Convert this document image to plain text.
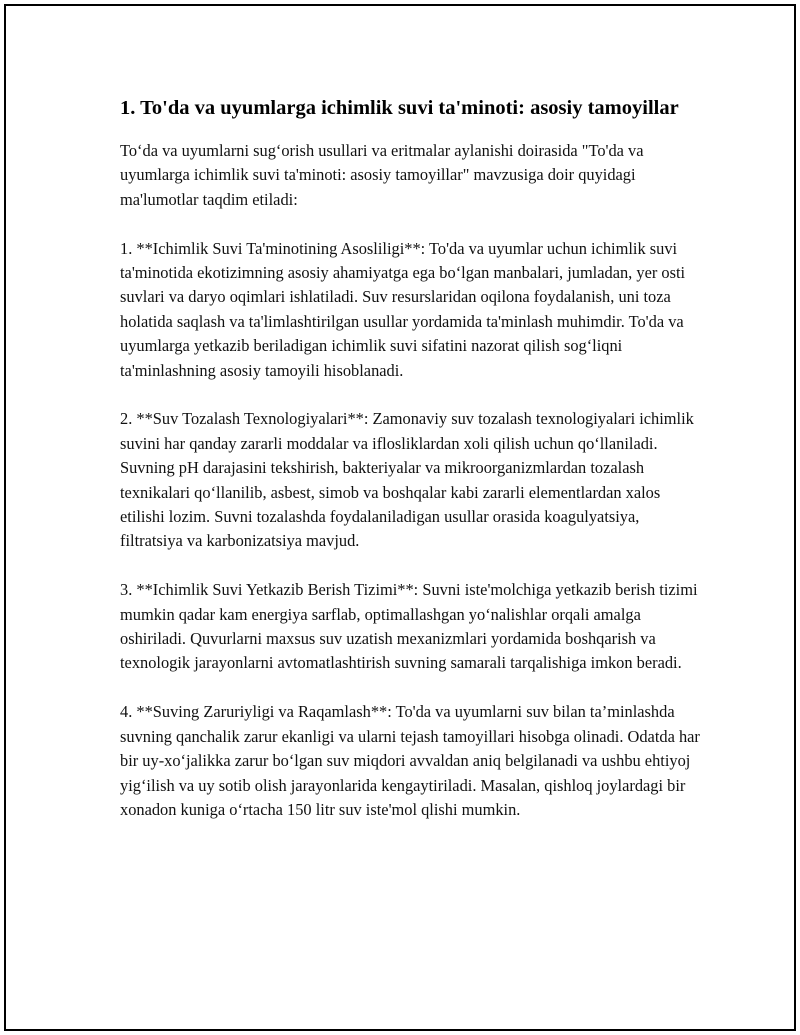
1. To'da va uyumlarga ichimlik suvi ta'minoti: asosiy tamoyillar

To‘da va uyumlarni sug‘orish usullari va eritmalar aylanishi doirasida "To'da va uyumlarga ichimlik suvi ta'minoti: asosiy tamoyillar" mavzusiga doir quyidagi ma'lumotlar taqdim etiladi:

1. **Ichimlik Suvi Ta'minotining Asosliligi**: To'da va uyumlar uchun ichimlik suvi ta'minotida ekotizimning asosiy ahamiyatga ega bo‘lgan manbalari, jumladan, yer osti suvlari va daryo oqimlari ishlatiladi. Suv resurslaridan oqilona foydalanish, uni toza holatida saqlash va ta'limlashtirilgan usullar yordamida ta'minlash muhimdir. To'da va uyumlarga yetkazib beriladigan ichimlik suvi sifatini nazorat qilish sog‘liqni ta'minlashning asosiy tamoyili hisoblanadi.

2. **Suv Tozalash Texnologiyalari**: Zamonaviy suv tozalash texnologiyalari ichimlik suvini har qanday zararli moddalar va iflosliklardan xoli qilish uchun qo‘llaniladi. Suvning pH darajasini tekshirish, bakteriyalar va mikroorganizmlardan tozalash texnikalari qo‘llanilib, asbest, simob va boshqalar kabi zararli elementlardan xalos etilishi lozim. Suvni tozalashda foydalaniladigan usullar orasida koagulyatsiya, filtratsiya va karbonizatsiya mavjud.

3. **Ichimlik Suvi Yetkazib Berish Tizimi**: Suvni iste'molchiga yetkazib berish tizimi mumkin qadar kam energiya sarflab, optimallashgan yo‘nalishlar orqali amalga oshiriladi. Quvurlarni maxsus suv uzatish mexanizmlari yordamida boshqarish va texnologik jarayonlarni avtomatlashtirish suvning samarali tarqalishiga imkon beradi.

4. **Suving Zaruriyligi va Raqamlash**: To'da va uyumlarni suv bilan ta’minlashda suvning qanchalik zarur ekanligi va ularni tejash tamoyillari hisobga olinadi. Odatda har bir uy-xo‘jalikka zarur bo‘lgan suv miqdori avvaldan aniq belgilanadi va ushbu ehtiyoj yig‘ilish va uy sotib olish jarayonlarida kengaytiriladi. Masalan, qishloq joylardagi bir xonadon kuniga o‘rtacha 150 litr suv iste'mol qlishi mumkin.
